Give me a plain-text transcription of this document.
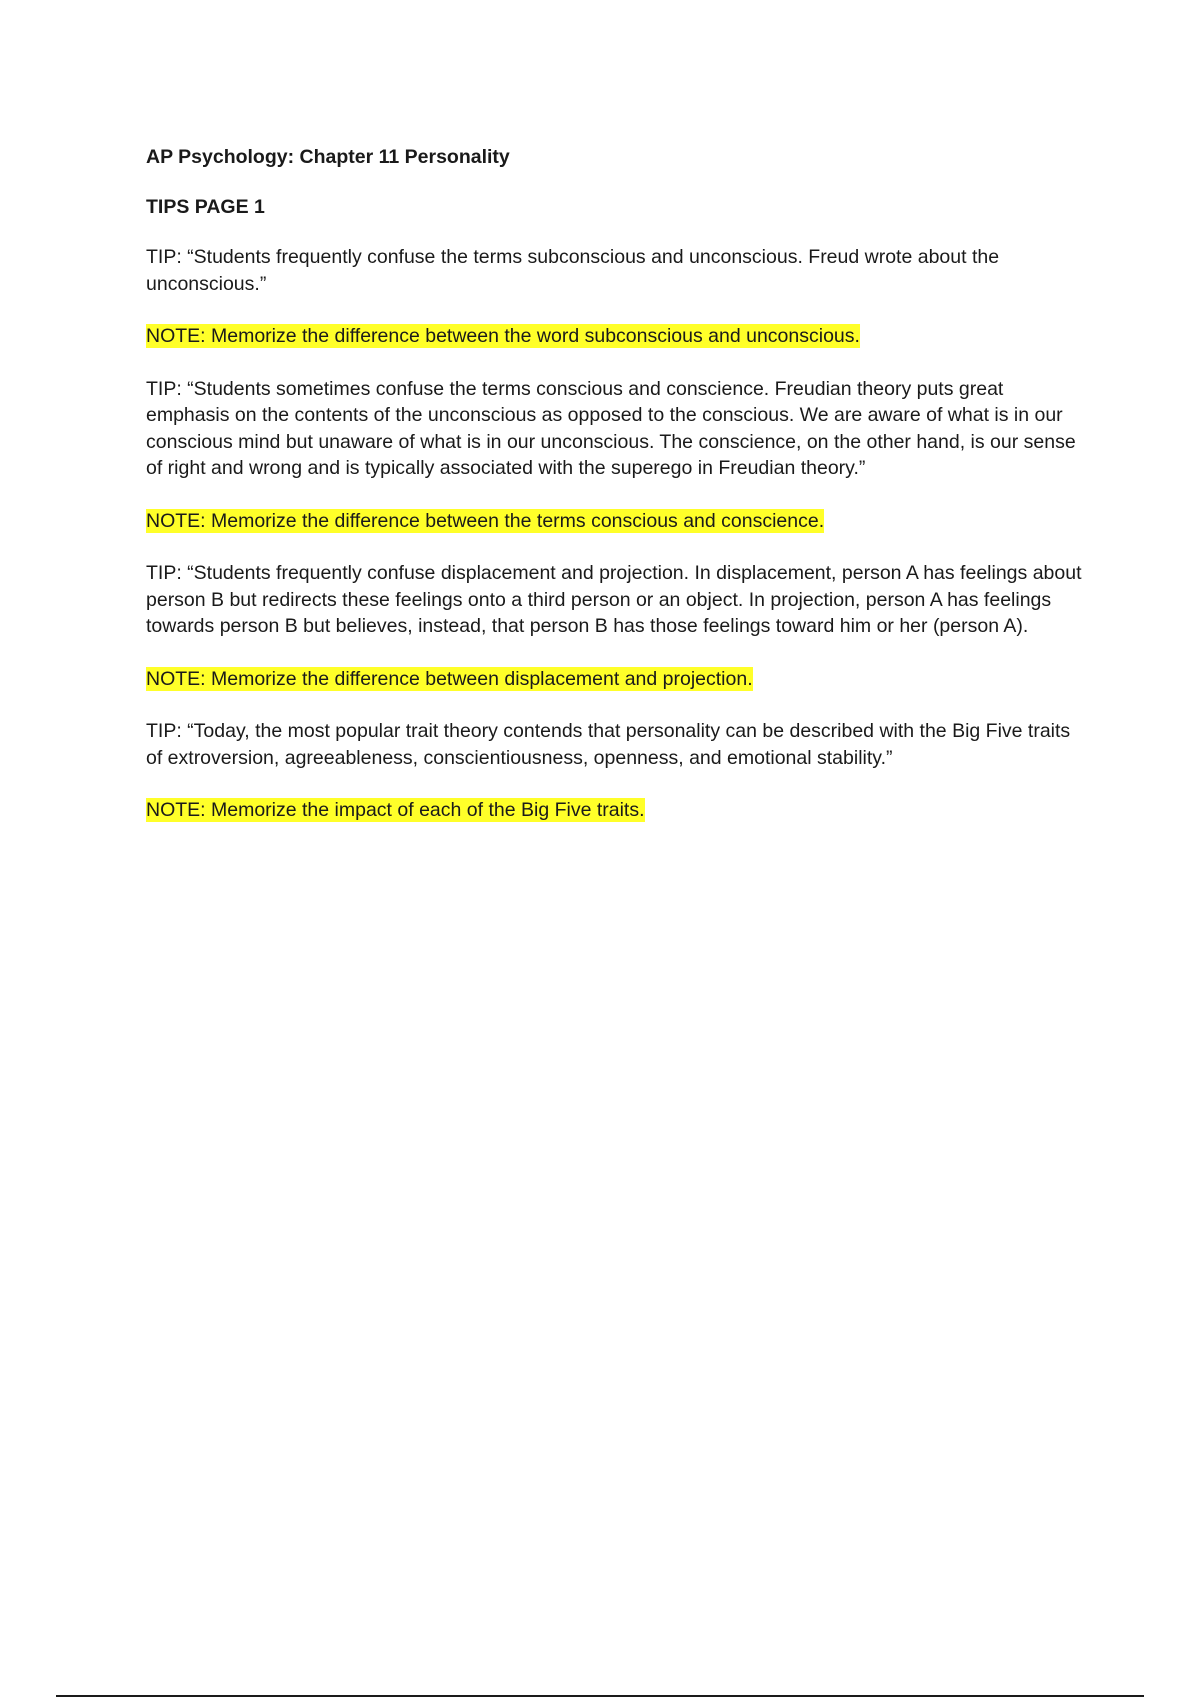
AP Psychology: Chapter 11 Personality
TIPS PAGE 1

TIP: “Students frequently confuse the terms subconscious and unconscious. Freud wrote about the unconscious.”

NOTE: Memorize the difference between the word subconscious and unconscious.

TIP: “Students sometimes confuse the terms conscious and conscience. Freudian theory puts great emphasis on the contents of the unconscious as opposed to the conscious. We are aware of what is in our conscious mind but unaware of what is in our unconscious. The conscience, on the other hand, is our sense of right and wrong and is typically associated with the superego in Freudian theory.”

NOTE: Memorize the difference between the terms conscious and conscience.

TIP: “Students frequently confuse displacement and projection. In displacement, person A has feelings about person B but redirects these feelings onto a third person or an object. In projection, person A has feelings towards person B but believes, instead, that person B has those feelings toward him or her (person A).

NOTE: Memorize the difference between displacement and projection.

TIP: “Today, the most popular trait theory contends that personality can be described with the Big Five traits of extroversion, agreeableness, conscientiousness, openness, and emotional stability.”

NOTE: Memorize the impact of each of the Big Five traits.
